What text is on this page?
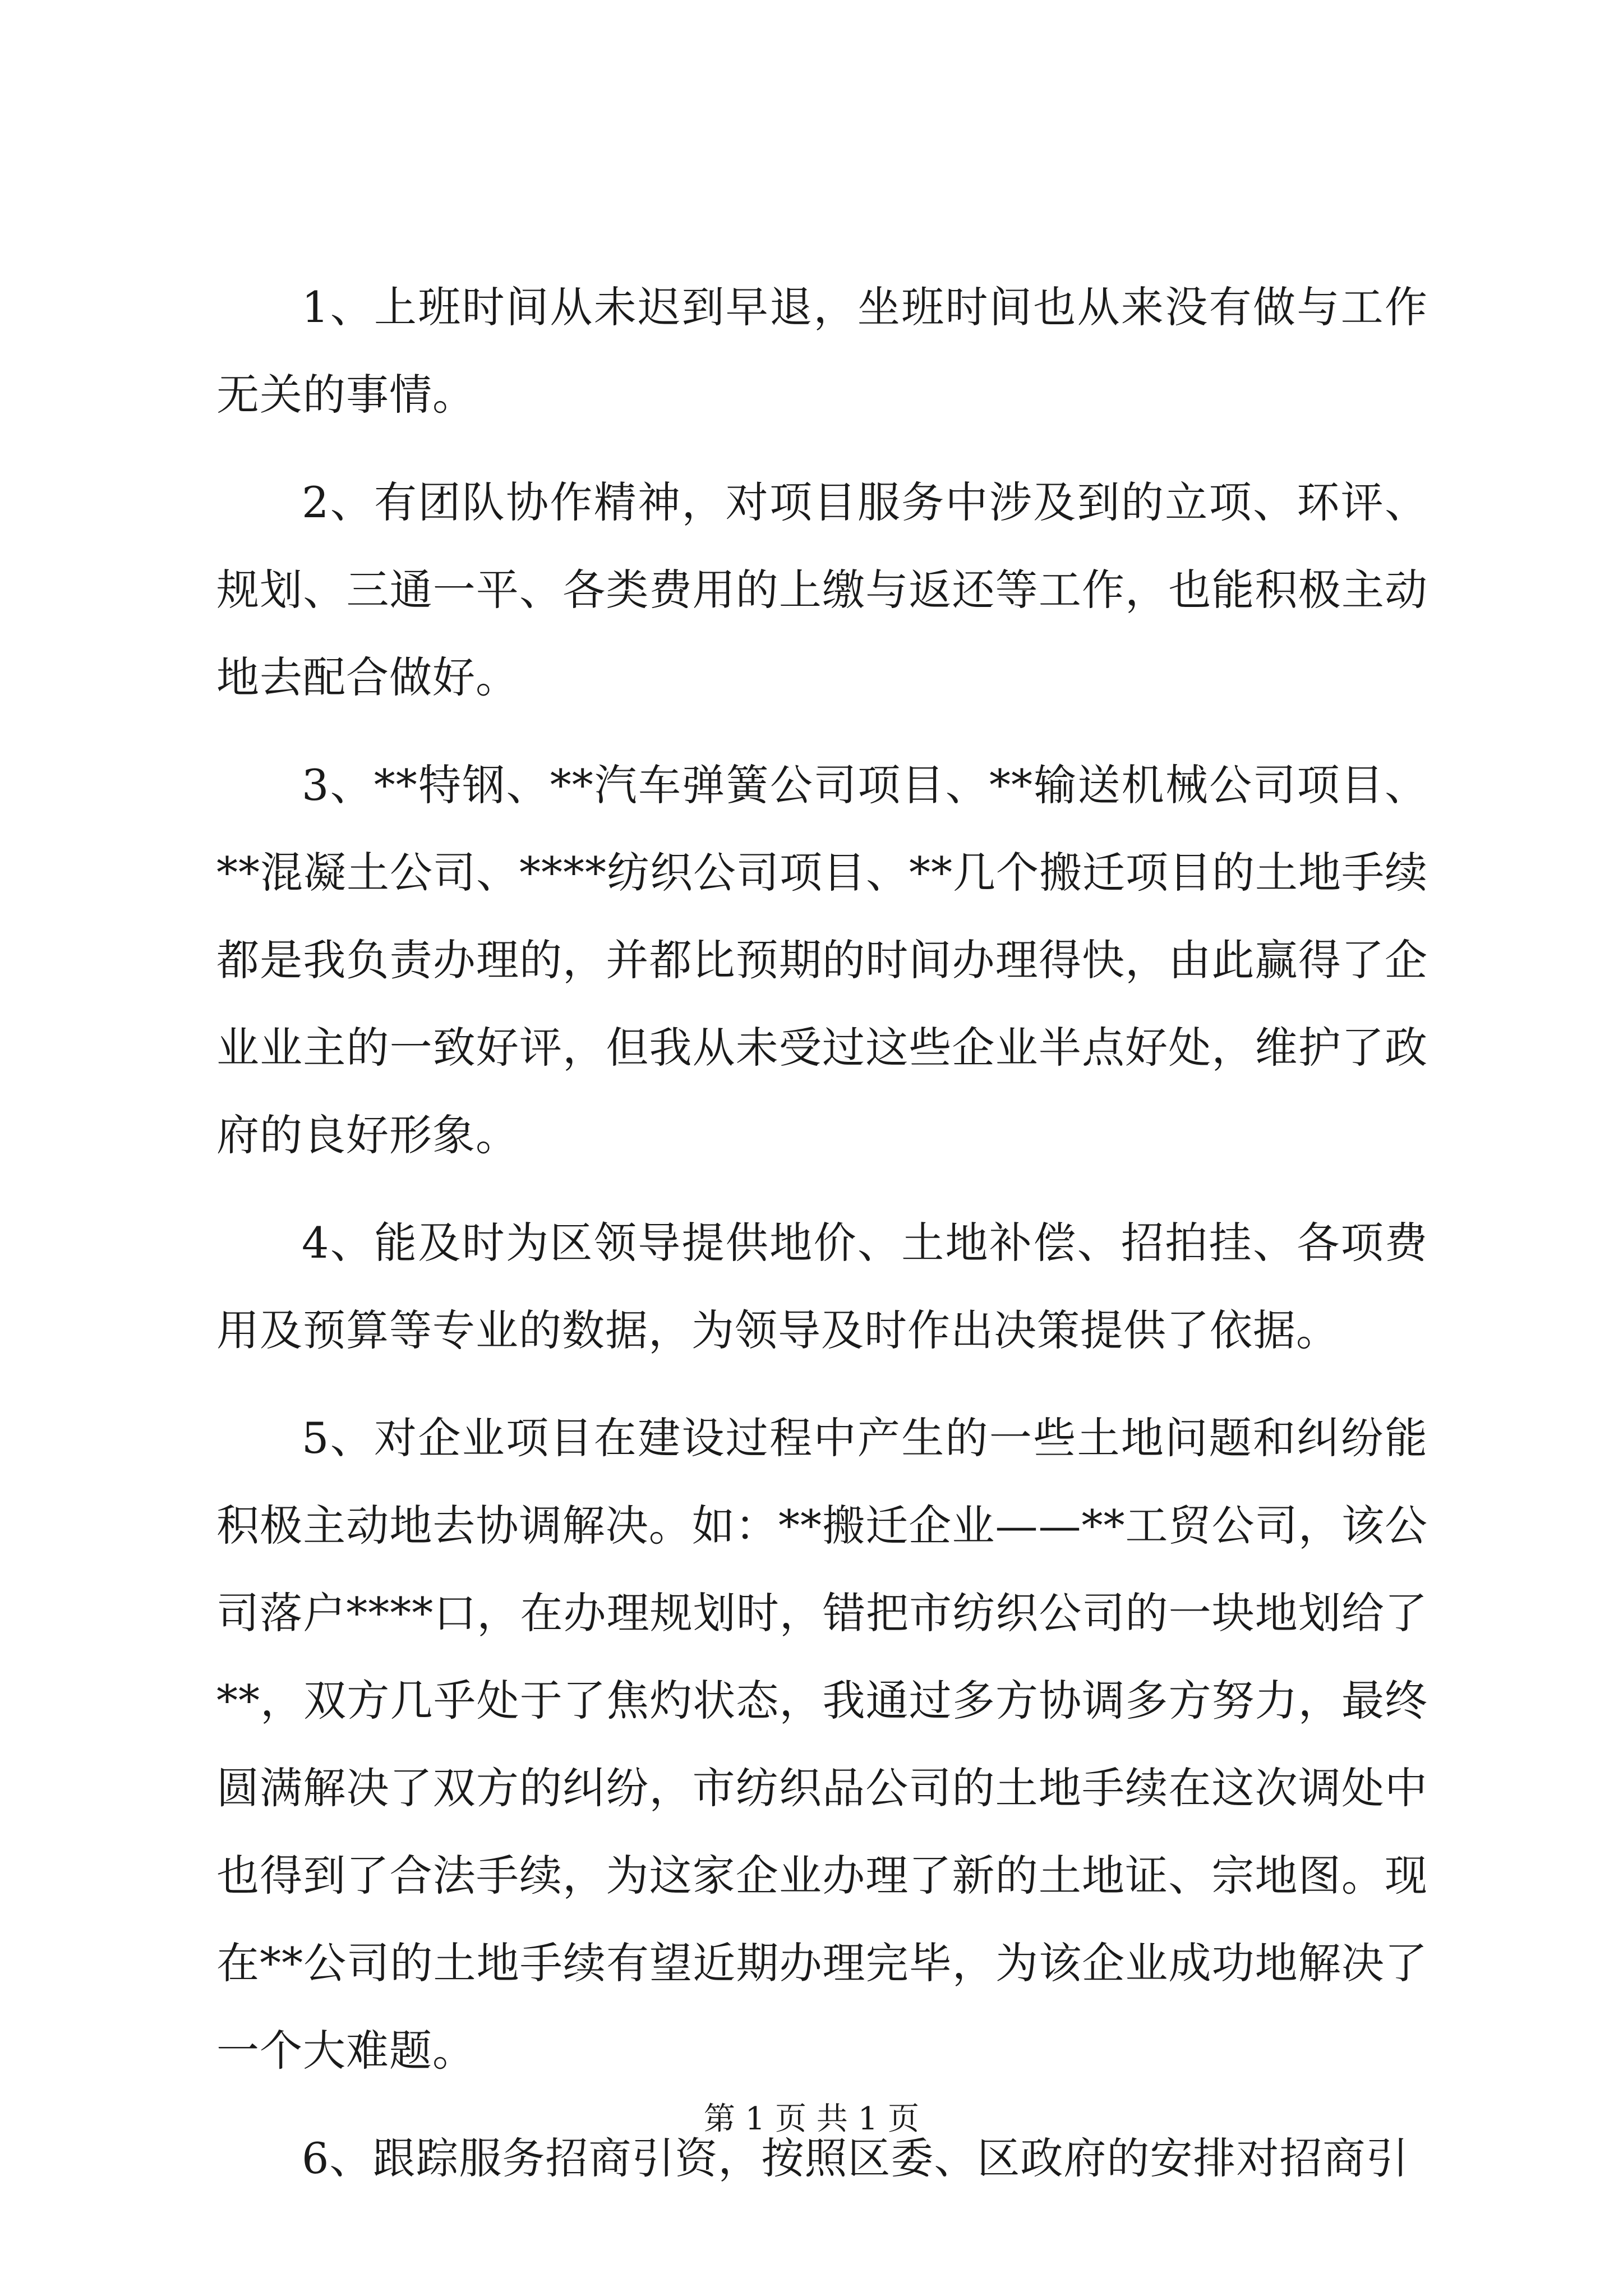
1、上班时间从未迟到早退，坐班时间也从来没有做与工作无关的事情。

2、有团队协作精神，对项目服务中涉及到的立项、环评、规划、三通一平、各类费用的上缴与返还等工作，也能积极主动地去配合做好。

3、**特钢、**汽车弹簧公司项目、**输送机械公司项目、**混凝土公司、****纺织公司项目、**几个搬迁项目的土地手续都是我负责办理的，并都比预期的时间办理得快，由此赢得了企业业主的一致好评，但我从未受过这些企业半点好处，维护了政府的良好形象。

4、能及时为区领导提供地价、土地补偿、招拍挂、各项费用及预算等专业的数据，为领导及时作出决策提供了依据。

5、对企业项目在建设过程中产生的一些土地问题和纠纷能积极主动地去协调解决。如：**搬迁企业——**工贸公司，该公司落户****口，在办理规划时，错把市纺织公司的一块地划给了**，双方几乎处于了焦灼状态，我通过多方协调多方努力，最终圆满解决了双方的纠纷，市纺织品公司的土地手续在这次调处中也得到了合法手续，为这家企业办理了新的土地证、宗地图。现在**公司的土地手续有望近期办理完毕，为该企业成功地解决了一个大难题。

6、跟踪服务招商引资，按照区委、区政府的安排对招商引

第 1 页 共 1 页
